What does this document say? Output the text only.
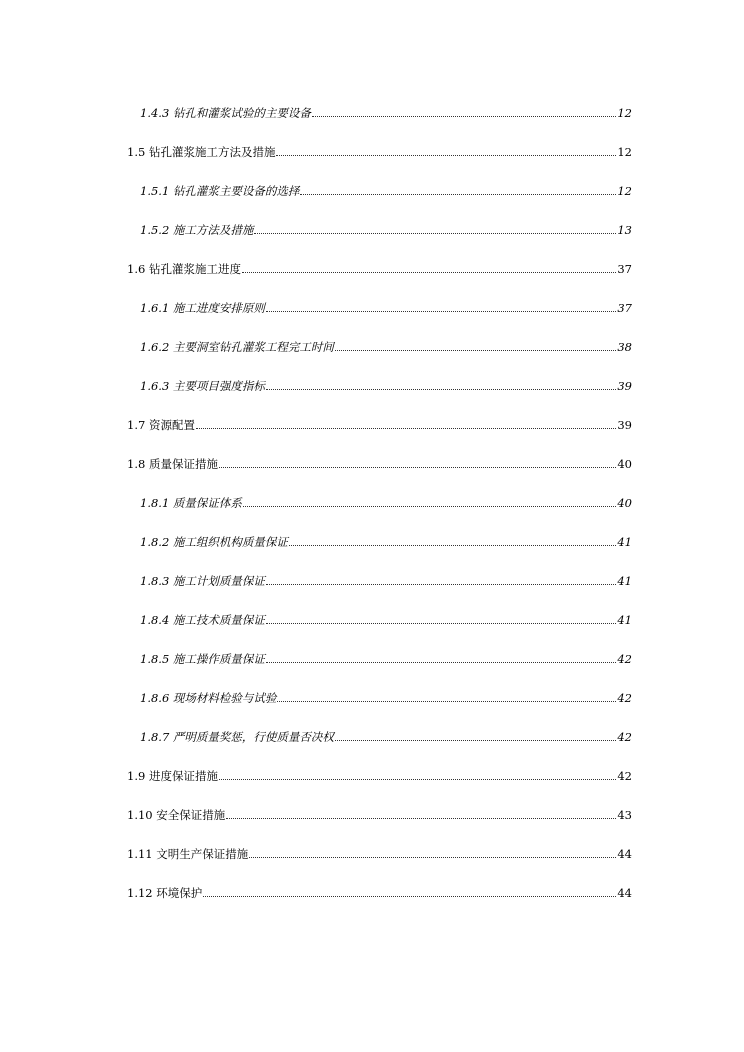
1.4.3 钻孔和灌浆试验的主要设备	12
1.5 钻孔灌浆施工方法及措施	12
1.5.1 钻孔灌浆主要设备的选择	12
1.5.2 施工方法及措施	13
1.6 钻孔灌浆施工进度	37
1.6.1 施工进度安排原则	37
1.6.2 主要洞室钻孔灌浆工程完工时间	38
1.6.3 主要项目强度指标	39
1.7 资源配置	39
1.8 质量保证措施	40
1.8.1 质量保证体系	40
1.8.2 施工组织机构质量保证	41
1.8.3 施工计划质量保证	41
1.8.4 施工技术质量保证	41
1.8.5 施工操作质量保证	42
1.8.6 现场材料检验与试验	42
1.8.7 严明质量奖惩，行使质量否决权	42
1.9 进度保证措施	42
1.10 安全保证措施	43
1.11 文明生产保证措施	44
1.12 环境保护	44
